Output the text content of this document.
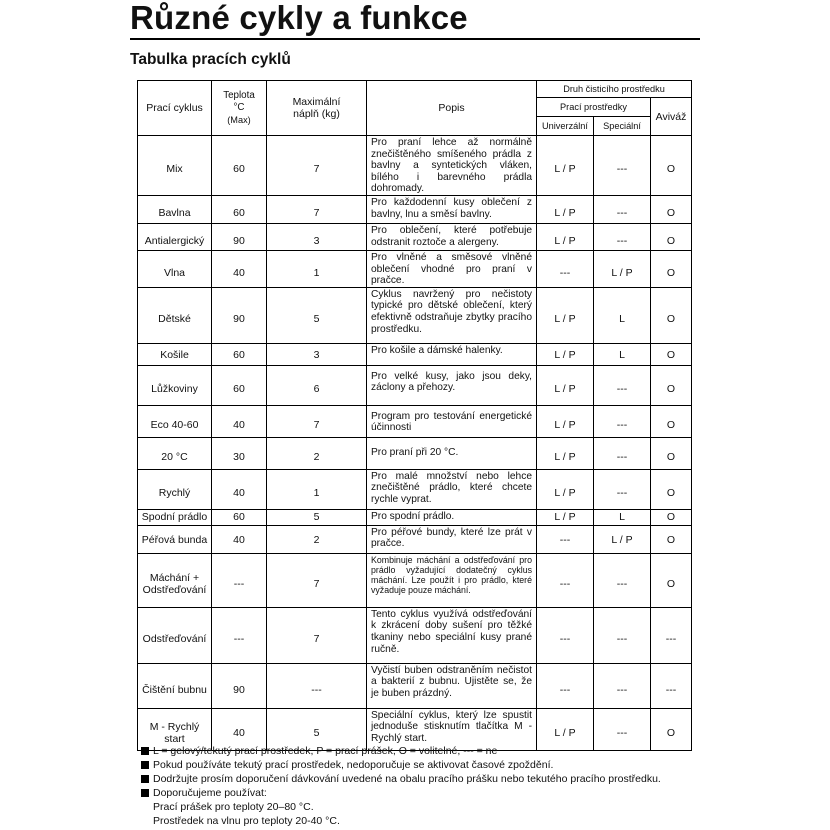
Různé cykly a funkce
Tabulka pracích cyklů
Prací cyklus	Teplota
°C
(Max)	Maximální náplň (kg)	Popis	Druh čisticího prostředku		
				Prací prostředky		Aviváž
				Univerzální	Speciální	
Mix	60	7	Pro praní lehce až normálně znečištěného smíšeného prádla z bavlny a syntetických vláken, bílého i barevného prádla dohromady.	L / P	---	O
Bavlna	60	7	Pro každodenní kusy oblečení z bavlny, lnu a směsí bavlny.	L / P	---	O
Antialergický	90	3	Pro oblečení, které potřebuje odstranit roztoče a alergeny.	L / P	---	O
Vlna	40	1	Pro vlněné a směsové vlněné oblečení vhodné pro praní v pračce.	---	L / P	O
Dětské	90	5	Cyklus navržený pro nečistoty typické pro dětské oblečení, který efektivně odstraňuje zbytky pracího prostředku.	L / P	L	O
Košile	60	3	Pro košile a dámské halenky.	L / P	L	O
Lůžkoviny	60	6	Pro velké kusy, jako jsou deky, záclony a přehozy.	L / P	---	O
Eco 40-60	40	7	Program pro testování energetické účinnosti	L / P	---	O
20 °C	30	2	Pro praní při 20 °C.	L / P	---	O
Rychlý	40	1	Pro malé množství nebo lehce znečištěné prádlo, které chcete rychle vyprat.	L / P	---	O
Spodní prádlo	60	5	Pro spodní prádlo.	L / P	L	O
Péřová bunda	40	2	Pro péřové bundy, které lze prát v pračce.	---	L / P	O
Máchání + Odstřeďování	---	7	Kombinuje máchání a odstřeďování pro prádlo vyžadující dodatečný cyklus máchání. Lze použít i pro prádlo, které vyžaduje pouze máchání.	---	---	O
Odstřeďování	---	7	Tento cyklus využívá odstřeďování k zkrácení doby sušení pro těžké tkaniny nebo speciální kusy prané ručně.	---	---	---
Čištění bubnu	90	---	Vyčistí buben odstraněním nečistot a bakterií z bubnu. Ujistěte se, že je buben prázdný.	---	---	---
M - Rychlý start	40	5	Speciální cyklus, který lze spustit jednoduše stisknutím tlačítka M - Rychlý start.	L / P	---	O
L = gelový/tekutý prací prostředek, P = prací prášek, O = volitelné, --- = ne
Pokud používáte tekutý prací prostředek, nedoporučuje se aktivovat časové zpoždění.
Dodržujte prosím doporučení dávkování uvedené na obalu pracího prášku nebo tekutého pracího prostředku.
Doporučujeme používat:
Prací prášek pro teploty 20–80 °C.
Prostředek na vlnu pro teploty 20-40 °C.
